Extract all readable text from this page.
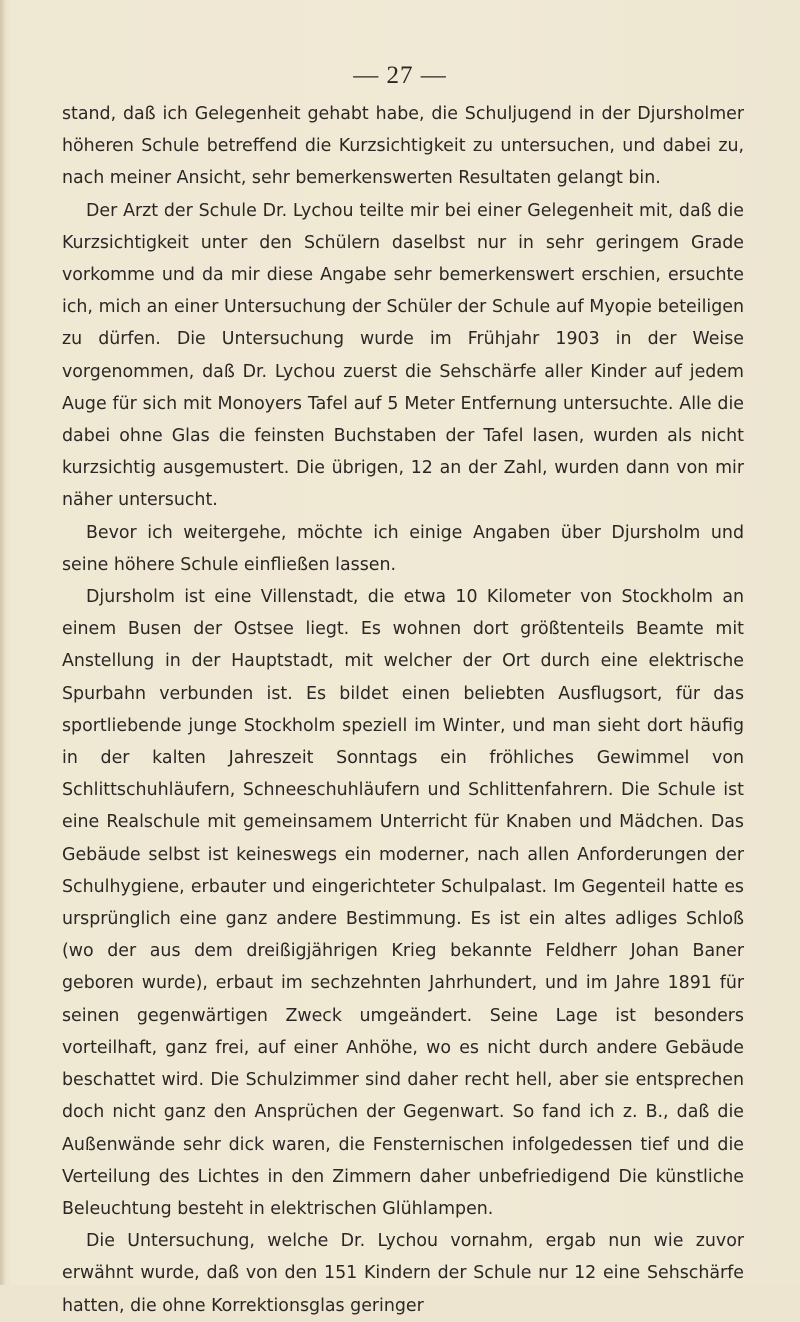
— 27 —

stand, daß ich Gelegenheit gehabt habe, die Schuljugend in der Djursholmer höheren Schule betreffend die Kurzsichtigkeit zu untersuchen, und dabei zu, nach meiner Ansicht, sehr bemerkenswerten Resultaten gelangt bin.

Der Arzt der Schule Dr. Lychou teilte mir bei einer Gelegenheit mit, daß die Kurzsichtigkeit unter den Schülern daselbst nur in sehr geringem Grade vorkomme und da mir diese Angabe sehr bemerkenswert erschien, ersuchte ich, mich an einer Untersuchung der Schüler der Schule auf Myopie beteiligen zu dürfen. Die Untersuchung wurde im Frühjahr 1903 in der Weise vorgenommen, daß Dr. Lychou zuerst die Sehschärfe aller Kinder auf jedem Auge für sich mit Monoyers Tafel auf 5 Meter Entfernung untersuchte. Alle die dabei ohne Glas die feinsten Buchstaben der Tafel lasen, wurden als nicht kurzsichtig ausgemustert. Die übrigen, 12 an der Zahl, wurden dann von mir näher untersucht.

Bevor ich weitergehe, möchte ich einige Angaben über Djursholm und seine höhere Schule einfließen lassen.

Djursholm ist eine Villenstadt, die etwa 10 Kilometer von Stockholm an einem Busen der Ostsee liegt. Es wohnen dort größtenteils Beamte mit Anstellung in der Hauptstadt, mit welcher der Ort durch eine elektrische Spurbahn verbunden ist. Es bildet einen beliebten Ausflugsort, für das sportliebende junge Stockholm speziell im Winter, und man sieht dort häufig in der kalten Jahreszeit Sonntags ein fröhliches Gewimmel von Schlittschuhläufern, Schneeschuhläufern und Schlittenfahrern. Die Schule ist eine Realschule mit gemeinsamem Unterricht für Knaben und Mädchen. Das Gebäude selbst ist keineswegs ein moderner, nach allen Anforderungen der Schulhygiene, erbauter und eingerichteter Schulpalast. Im Gegenteil hatte es ursprünglich eine ganz andere Bestimmung. Es ist ein altes adliges Schloß (wo der aus dem dreißigjährigen Krieg bekannte Feldherr Johan Baner geboren wurde), erbaut im sechzehnten Jahrhundert, und im Jahre 1891 für seinen gegenwärtigen Zweck umgeändert. Seine Lage ist besonders vorteilhaft, ganz frei, auf einer Anhöhe, wo es nicht durch andere Gebäude beschattet wird. Die Schulzimmer sind daher recht hell, aber sie entsprechen doch nicht ganz den Ansprüchen der Gegenwart. So fand ich z. B., daß die Außenwände sehr dick waren, die Fensternischen infolgedessen tief und die Verteilung des Lichtes in den Zimmern daher unbefriedigend Die künstliche Beleuchtung besteht in elektrischen Glühlampen.

Die Untersuchung, welche Dr. Lychou vornahm, ergab nun wie zuvor erwähnt wurde, daß von den 151 Kindern der Schule nur 12 eine Sehschärfe hatten, die ohne Korrektionsglas geringer
